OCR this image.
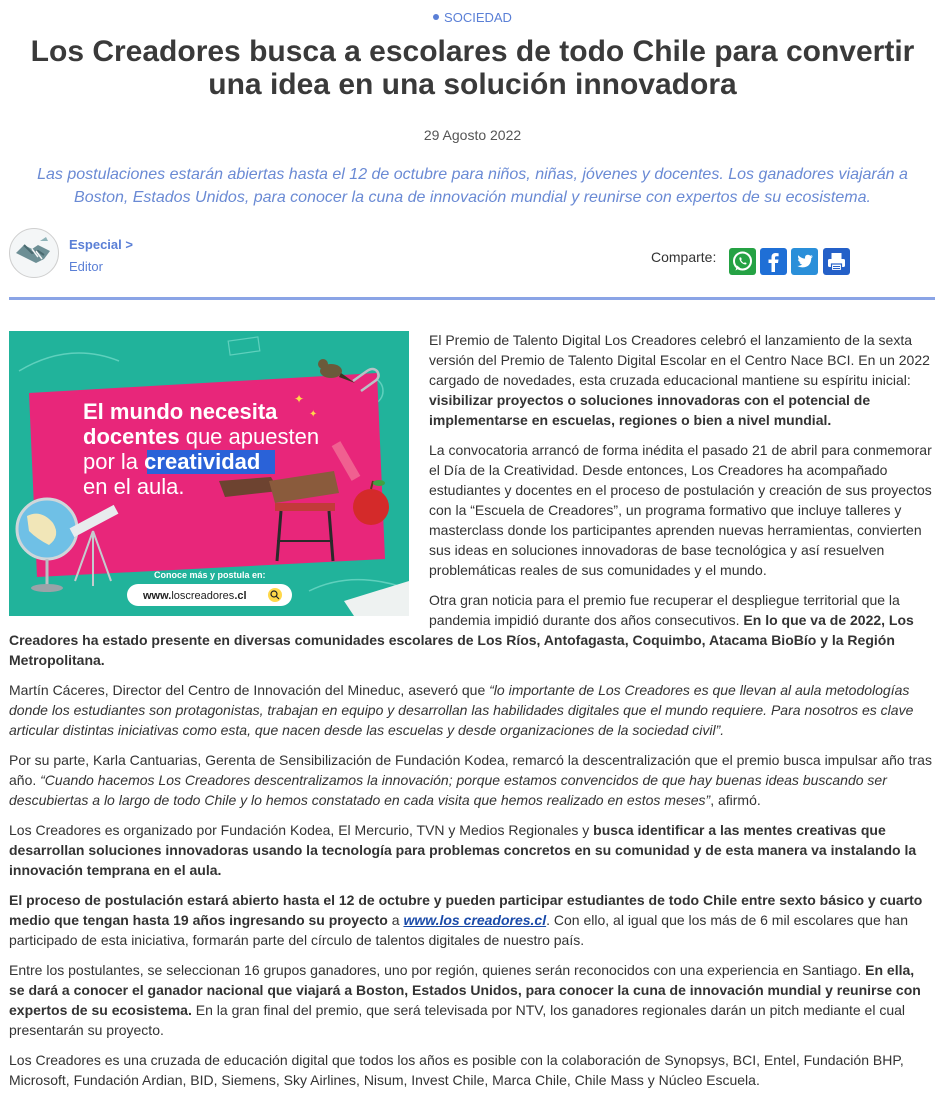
SOCIEDAD
Los Creadores busca a escolares de todo Chile para convertir una idea en una solución innovadora
29 Agosto 2022
Las postulaciones estarán abiertas hasta el 12 de octubre para niños, niñas, jóvenes y docentes. Los ganadores viajarán a Boston, Estados Unidos, para conocer la cuna de innovación mundial y reunirse con expertos de su ecosistema.
Especial >
Editor
Comparte:
✦
✦
El mundo necesita
docentes que apuesten
por la creatividad
en el aula.
Conoce más y postula en:
www.loscreadores.cl

El Premio de Talento Digital Los Creadores celebró el lanzamiento de la sexta versión del Premio de Talento Digital Escolar en el Centro Nace BCI. En un 2022 cargado de novedades, esta cruzada educacional mantiene su espíritu inicial: visibilizar proyectos o soluciones innovadoras con el potencial de implementarse en escuelas, regiones o bien a nivel mundial.

La convocatoria arrancó de forma inédita el pasado 21 de abril para conmemorar el Día de la Creatividad. Desde entonces, Los Creadores ha acompañado estudiantes y docentes en el proceso de postulación y creación de sus proyectos con la “Escuela de Creadores”, un programa formativo que incluye talleres y masterclass donde los participantes aprenden nuevas herramientas, convierten sus ideas en soluciones innovadoras de base tecnológica y así resuelven problemáticas reales de sus comunidades y el mundo.

Otra gran noticia para el premio fue recuperar el despliegue territorial que la pandemia impidió durante dos años consecutivos. En lo que va de 2022, Los Creadores ha estado presente en diversas comunidades escolares de Los Ríos, Antofagasta, Coquimbo, Atacama BioBío y la Región Metropolitana.

Martín Cáceres, Director del Centro de Innovación del Mineduc, aseveró que “lo importante de Los Creadores es que llevan al aula metodologías donde los estudiantes son protagonistas, trabajan en equipo y desarrollan las habilidades digitales que el mundo requiere. Para nosotros es clave articular distintas iniciativas como esta, que nacen desde las escuelas y desde organizaciones de la sociedad civil”.

Por su parte, Karla Cantuarias, Gerenta de Sensibilización de Fundación Kodea, remarcó la descentralización que el premio busca impulsar año tras año. “Cuando hacemos Los Creadores descentralizamos la innovación; porque estamos convencidos de que hay buenas ideas buscando ser descubiertas a lo largo de todo Chile y lo hemos constatado en cada visita que hemos realizado en estos meses”, afirmó.

Los Creadores es organizado por Fundación Kodea, El Mercurio, TVN y Medios Regionales y busca identificar a las mentes creativas que desarrollan soluciones innovadoras usando la tecnología para problemas concretos en su comunidad y de esta manera va instalando la innovación temprana en el aula.

El proceso de postulación estará abierto hasta el 12 de octubre y pueden participar estudiantes de todo Chile entre sexto básico y cuarto medio que tengan hasta 19 años ingresando su proyecto a www.los creadores.cl. Con ello, al igual que los más de 6 mil escolares que han participado de esta iniciativa, formarán parte del círculo de talentos digitales de nuestro país.

Entre los postulantes, se seleccionan 16 grupos ganadores, uno por región, quienes serán reconocidos con una experiencia en Santiago. En ella, se dará a conocer el ganador nacional que viajará a Boston, Estados Unidos, para conocer la cuna de innovación mundial y reunirse con expertos de su ecosistema. En la gran final del premio, que será televisada por NTV, los ganadores regionales darán un pitch mediante el cual presentarán su proyecto.

Los Creadores es una cruzada de educación digital que todos los años es posible con la colaboración de Synopsys, BCI, Entel, Fundación BHP, Microsoft, Fundación Ardian, BID, Siemens, Sky Airlines, Nisum, Invest Chile, Marca Chile, Chile Mass y Núcleo Escuela.
